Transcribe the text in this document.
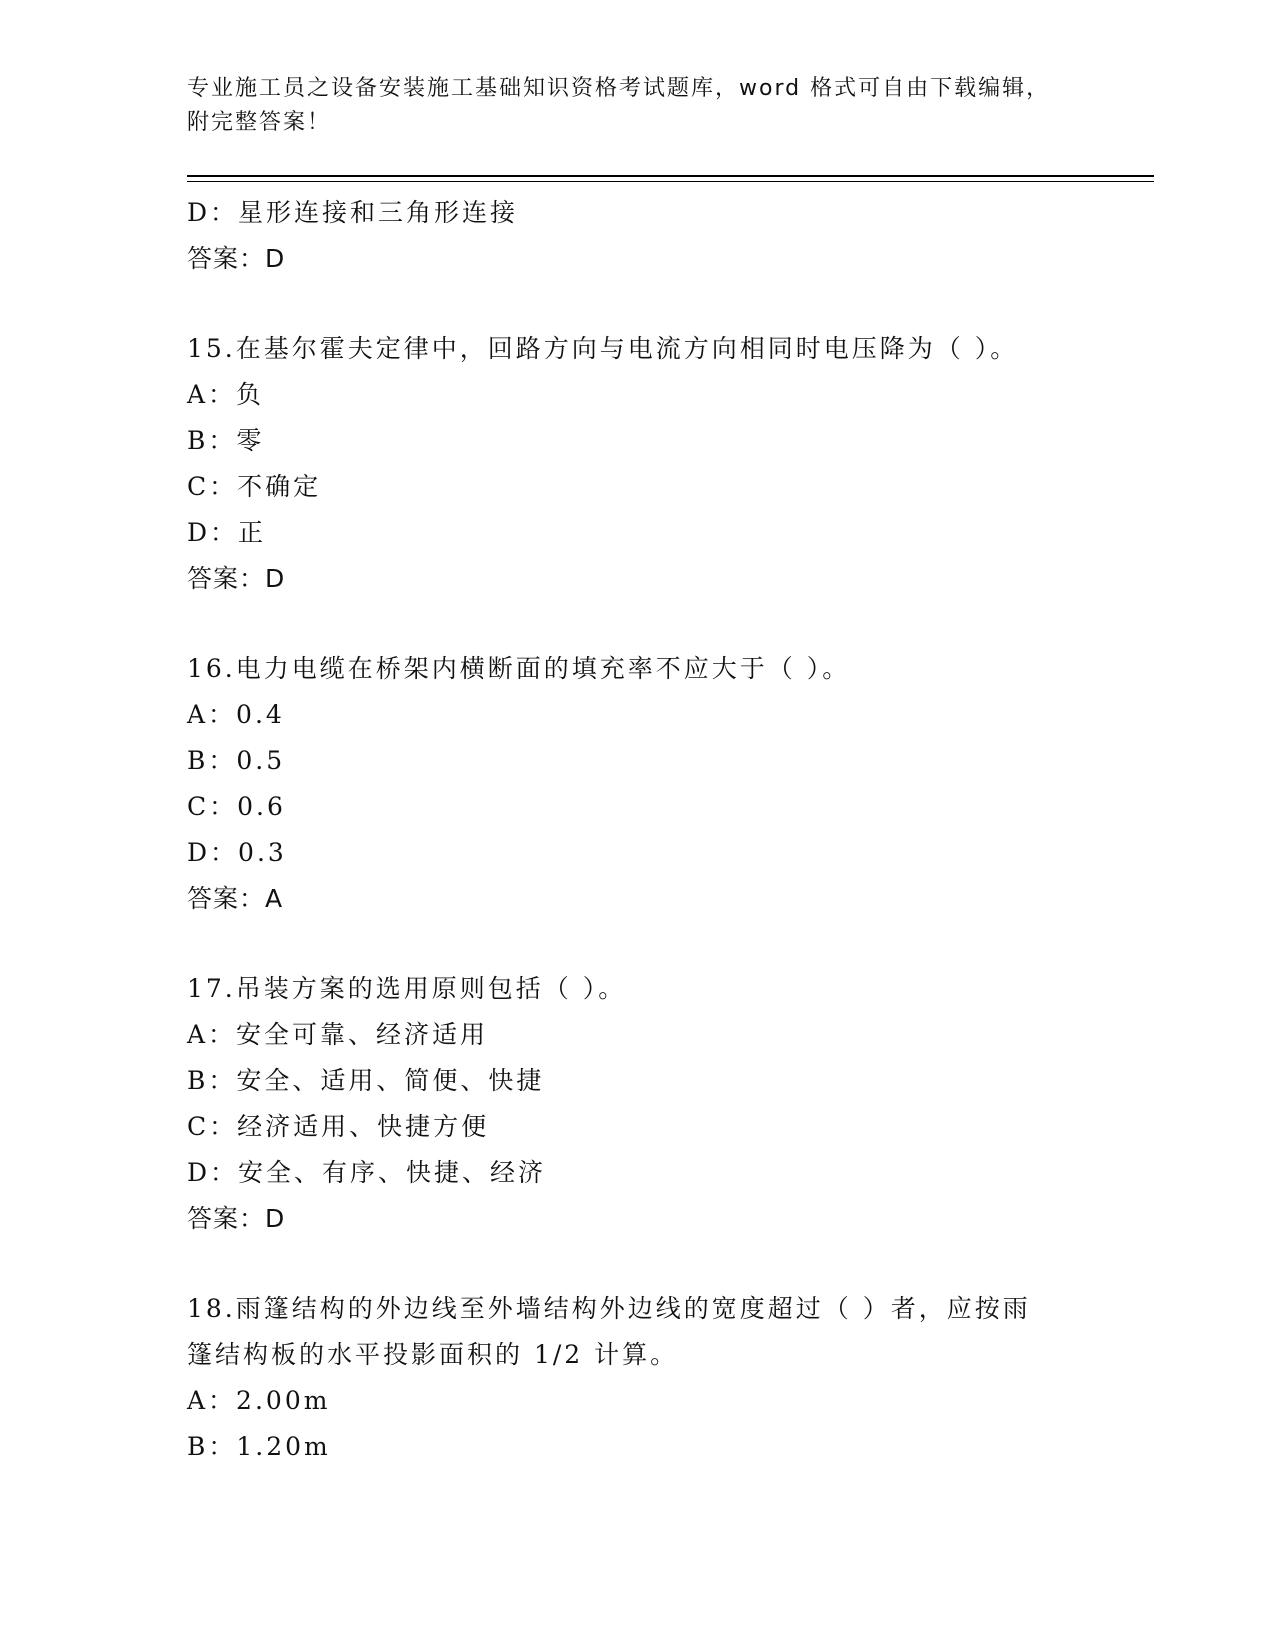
专业施工员之设备安装施工基础知识资格考试题库，word 格式可自由下载编辑，
附完整答案！
D：星形连接和三角形连接
答案：D
15.在基尔霍夫定律中，回路方向与电流方向相同时电压降为（ ）。
A：负
B：零
C：不确定
D：正
答案：D
16.电力电缆在桥架内横断面的填充率不应大于（ ）。
A：0.4
B：0.5
C：0.6
D：0.3
答案：A
17.吊装方案的选用原则包括（ ）。
A：安全可靠、经济适用
B：安全、适用、简便、快捷
C：经济适用、快捷方便
D：安全、有序、快捷、经济
答案：D
18.雨篷结构的外边线至外墙结构外边线的宽度超过（ ）者，应按雨
篷结构板的水平投影面积的 1/2 计算。
A：2.00m
B：1.20m
